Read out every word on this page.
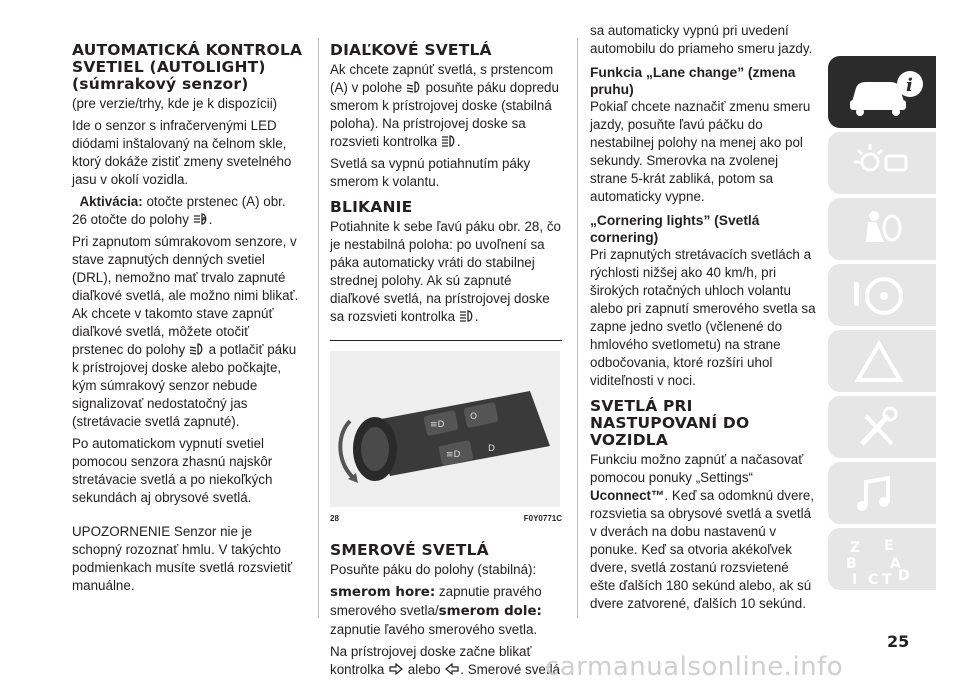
AUTOMATICKÁ KONTROLA SVETIEL (AUTOLIGHT) (súmrakový senzor)

(pre verzie/trhy, kde je k dispozícii)

Ide o senzor s infračervenými LED diódami inštalovaný na čelnom skle, ktorý dokáže zistiť zmeny svetelného jasu v okolí vozidla.

Aktivácia: otočte prstenec (A) obr. 26 otočte do polohy A .

Pri zapnutom súmrakovom senzore, v stave zapnutých denných svetiel (DRL), nemožno mať trvalo zapnuté diaľkové svetlá, ale možno nimi blikať. Ak chcete v takomto stave zapnúť diaľkové svetlá, môžete otočiť prstenec do polohy  a potlačiť páku k prístrojovej doske alebo počkajte, kým súmrakový senzor nebude signalizovať nedostatočný jas (stretávacie svetlá zapnuté).

Po automatickom vypnutí svetiel pomocou senzora zhasnú najskôr stretávacie svetlá a po niekoľkých sekundách aj obrysové svetlá.

UPOZORNENIE Senzor nie je schopný rozoznať hmlu. V takýchto podmienkach musíte svetlá rozsvietiť manuálne.

DIAĽKOVÉ SVETLÁ

Ak chcete zapnúť svetlá, s prstencom (A) v polohe  posuňte páku dopredu smerom k prístrojovej doske (stabilná poloha). Na prístrojovej doske sa rozsvieti kontrolka .

Svetlá sa vypnú potiahnutím páky smerom k volantu.

BLIKANIE

Potiahnite k sebe ľavú páku obr. 28, čo je nestabilná poloha: po uvoľnení sa páka automaticky vráti do stabilnej strednej polohy. Ak sú zapnuté diaľkové svetlá, na prístrojovej doske sa rozsvieti kontrolka .

≡D
O
≡D
D
28	F0Y0771C
SMEROVÉ SVETLÁ

Posuňte páku do polohy (stabilná):

smerom hore: zapnutie pravého smerového svetla/smerom dole: zapnutie ľavého smerového svetla.

Na prístrojovej doske začne blikať kontrolka  alebo . Smerové svetlá

sa automaticky vypnú pri uvedení automobilu do priameho smeru jazdy.

Funkcia „Lane change” (zmena pruhu)

Pokiaľ chcete naznačiť zmenu smeru jazdy, posuňte ľavú páčku do nestabilnej polohy na menej ako pol sekundy. Smerovka na zvolenej strane 5-krát zabliká, potom sa automaticky vypne.

„Cornering lights” (Svetlá cornering)

Pri zapnutých stretávacích svetlách a rýchlosti nižšej ako 40 km/h, pri širokých rotačných uhloch volantu alebo pri zapnutí smerového svetla sa zapne jedno svetlo (včlenené do hmlového svetlometu) na strane odbočovania, ktoré rozšíri uhol viditeľnosti v noci.

SVETLÁ PRI NASTUPOVANÍ DO VOZIDLA

Funkciu možno zapnúť a načasovať pomocou ponuky „Settings“ Uconnect™. Keď sa odomknú dvere, rozsvietia sa obrysové svetlá a svetlá v dverách na dobu nastavenú v ponuke. Keď sa otvoria akékoľvek dvere, svetlá zostanú rozsvietené ešte ďalších 180 sekúnd alebo, ak sú dvere zatvorené, ďalších 10 sekúnd.

i
Z E
B A
I C T D
25
carmanualsonline.info
